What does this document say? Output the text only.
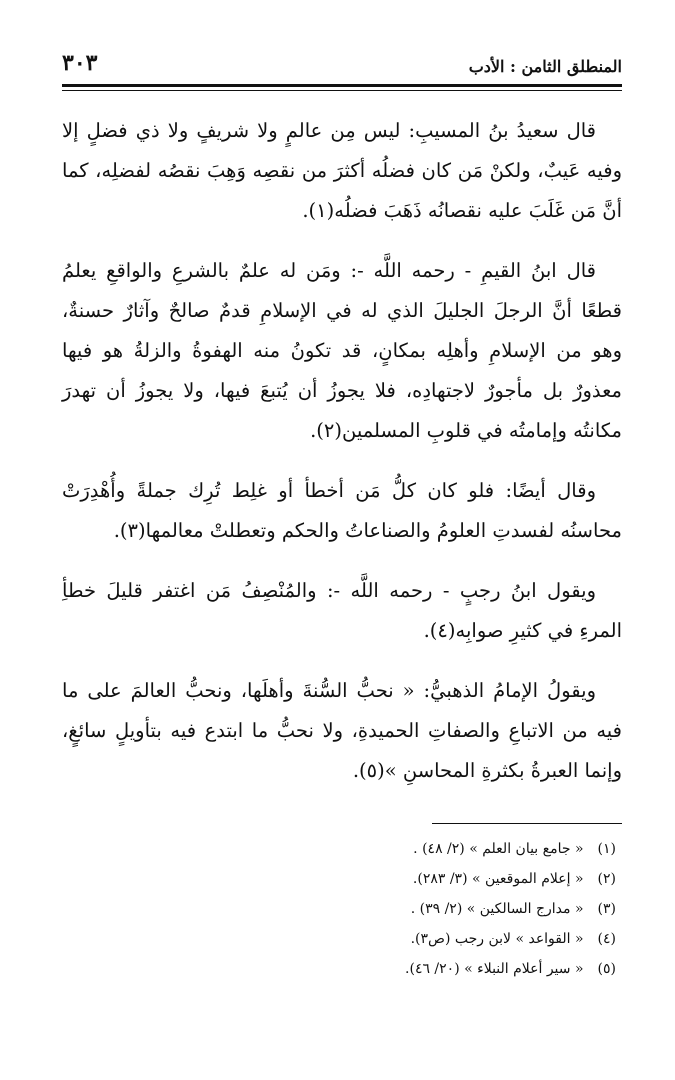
المنطلق الثامن : الأدب
٣٠٣

قال سعيدُ بنُ المسيبِ: ليس مِن عالمٍ ولا شريفٍ ولا ذي فضلٍ إلا وفيه عَيبٌ، ولكنْ مَن كان فضلُه أكثرَ من نقصِه وَهِبَ نقصُه لفضلِه، كما أنَّ مَن غَلَبَ عليه نقصانُه ذَهَبَ فضلُه(١).

قال ابنُ القيمِ - رحمه اللَّه -: ومَن له علمٌ بالشرعِ والواقعِ يعلمُ قطعًا أنَّ الرجلَ الجليلَ الذي له في الإسلامِ قدمٌ صالحٌ وآثارٌ حسنةٌ، وهو من الإسلامِ وأهلِه بمكانٍ، قد تكونُ منه الهفوةُ والزلةُ هو فيها معذورٌ بل مأجورٌ لاجتهادِه، فلا يجوزُ أن يُتبعَ فيها، ولا يجوزُ أن تهدرَ مكانتُه وإمامتُه في قلوبِ المسلمين(٢).

وقال أيضًا: فلو كان كلُّ مَن أخطأ أو غلِط تُرِك جملةً وأُهْدِرَتْ محاسنُه لفسدتِ العلومُ والصناعاتُ والحكم وتعطلتْ معالمها(٣).

ويقول ابنُ رجبٍ - رحمه اللَّه -: والمُنْصِفُ مَن اغتفر قليلَ خطأِ المرءِ في كثيرِ صوابِه(٤).

ويقولُ الإمامُ الذهبيُّ: « نحبُّ السُّنةَ وأهلَها، ونحبُّ العالمَ على ما فيه من الاتباعِ والصفاتِ الحميدةِ، ولا نحبُّ ما ابتدع فيه بتأويلٍ سائغٍ، وإنما العبرةُ بكثرةِ المحاسنِ »(٥).

(١) « جامع بيان العلم » (٢/ ٤٨) .
(٢) « إعلام الموقعين » (٣/ ٢٨٣).
(٣) « مدارج السالكين » (٢/ ٣٩) .
(٤) « القواعد » لابن رجب (ص٣).
(٥) « سير أعلام النبلاء » (٢٠/ ٤٦).
